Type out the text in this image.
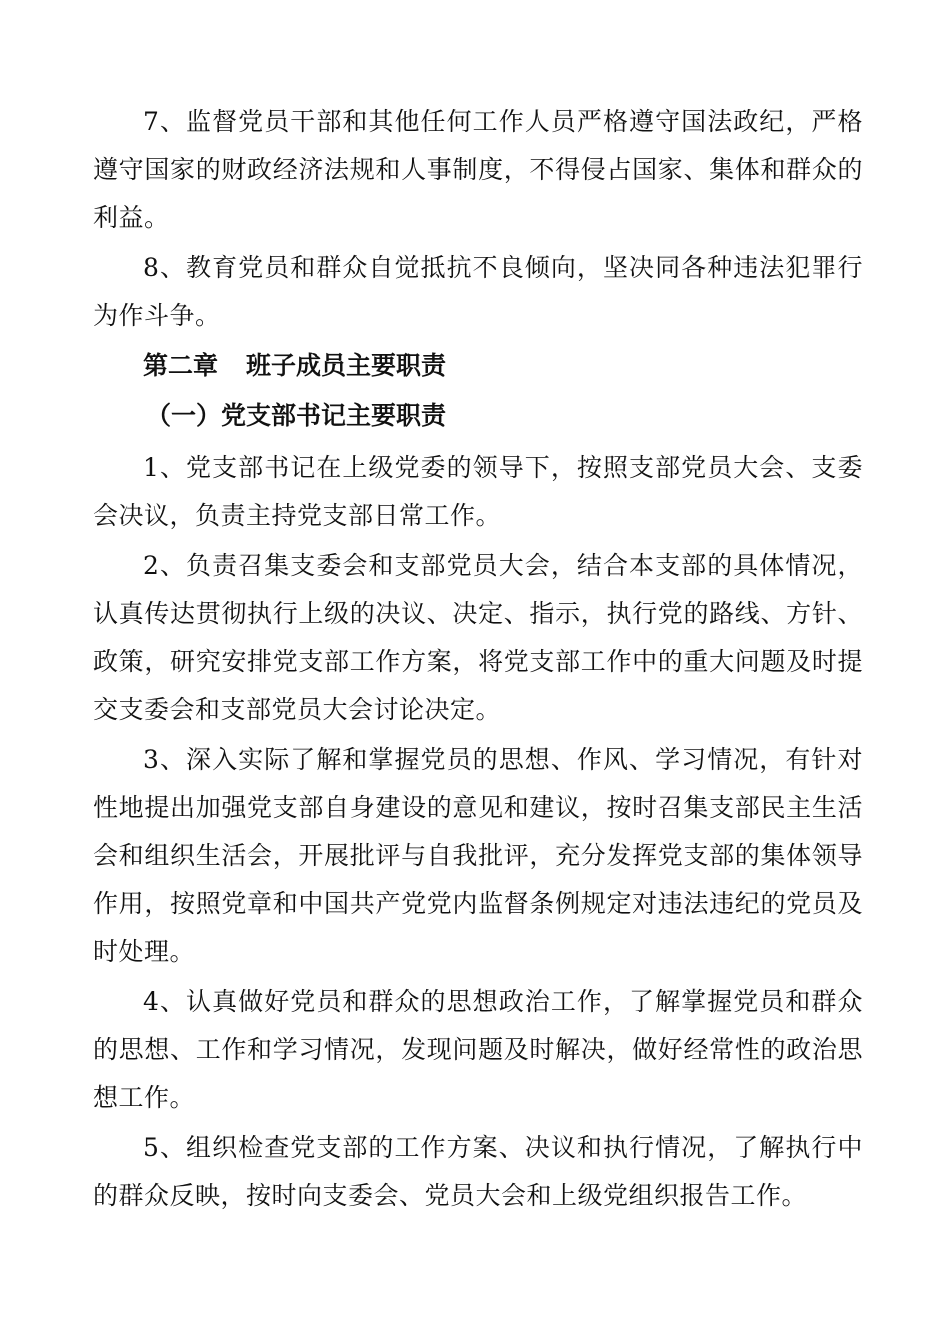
7、监督党员干部和其他任何工作人员严格遵守国法政纪，严格遵守国家的财政经济法规和人事制度，不得侵占国家、集体和群众的利益。

8、教育党员和群众自觉抵抗不良倾向，坚决同各种违法犯罪行为作斗争。

第二章 班子成员主要职责

（一）党支部书记主要职责

1、党支部书记在上级党委的领导下，按照支部党员大会、支委会决议，负责主持党支部日常工作。

2、负责召集支委会和支部党员大会，结合本支部的具体情况，认真传达贯彻执行上级的决议、决定、指示，执行党的路线、方针、政策，研究安排党支部工作方案，将党支部工作中的重大问题及时提交支委会和支部党员大会讨论决定。

3、深入实际了解和掌握党员的思想、作风、学习情况，有针对性地提出加强党支部自身建设的意见和建议，按时召集支部民主生活会和组织生活会，开展批评与自我批评，充分发挥党支部的集体领导作用，按照党章和中国共产党党内监督条例规定对违法违纪的党员及时处理。

4、认真做好党员和群众的思想政治工作，了解掌握党员和群众的思想、工作和学习情况，发现问题及时解决，做好经常性的政治思想工作。

5、组织检查党支部的工作方案、决议和执行情况，了解执行中的群众反映，按时向支委会、党员大会和上级党组织报告工作。
